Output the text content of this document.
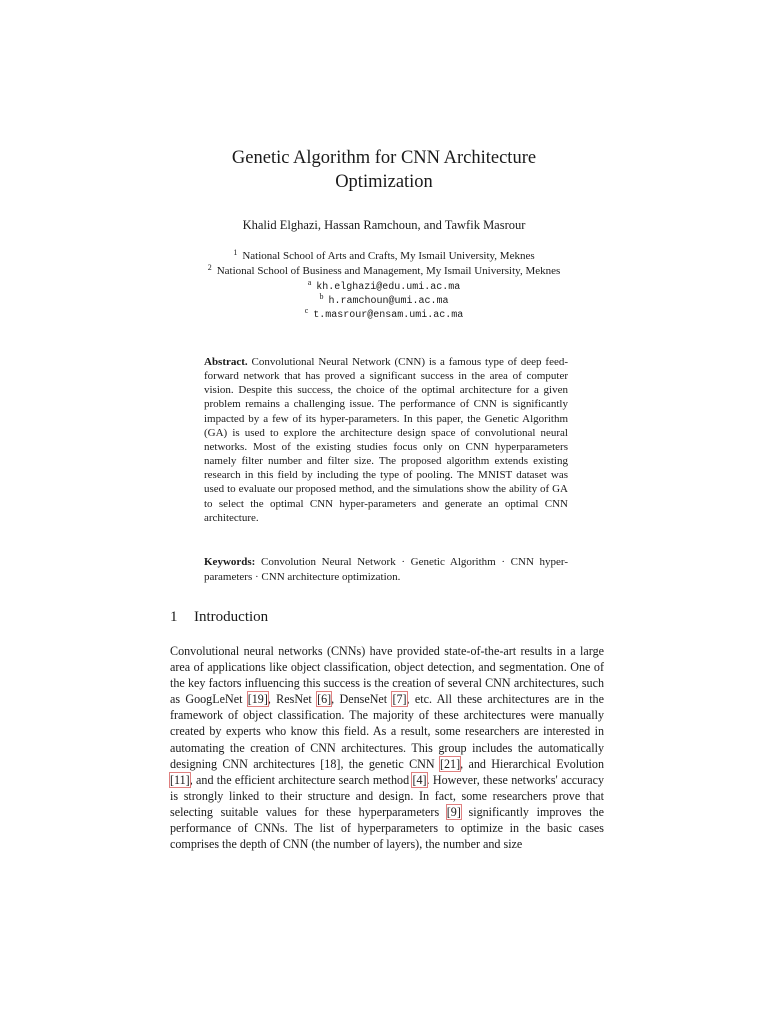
Genetic Algorithm for CNN Architecture
Optimization
Khalid Elghazi, Hassan Ramchoun, and Tawfik Masrour
$^1$ National School of Arts and Crafts, My Ismail University, Meknes
$^2$ National School of Business and Management, My Ismail University, Meknes
$^a$ kh.elghazi@edu.umi.ac.ma
$^b$ h.ramchoun@umi.ac.ma
$^c$ t.masrour@ensam.umi.ac.ma
Abstract. Convolutional Neural Network (CNN) is a famous type of deep feed-forward network that has proved a significant success in the area of computer vision. Despite this success, the choice of the optimal architecture for a given problem remains a challenging issue. The performance of CNN is significantly impacted by a few of its hyper-parameters. In this paper, the Genetic Algorithm (GA) is used to explore the architecture design space of convolutional neural networks. Most of the existing studies focus only on CNN hyperparameters namely filter number and filter size. The proposed algorithm extends existing research in this field by including the type of pooling. The MNIST dataset was used to evaluate our proposed method, and the simulations show the ability of GA to select the optimal CNN hyper-parameters and generate an optimal CNN architecture.
Keywords: Convolution Neural Network · Genetic Algorithm · CNN hyper-parameters · CNN architecture optimization.
1 Introduction
Convolutional neural networks (CNNs) have provided state-of-the-art results in a large area of applications like object classification, object detection, and segmentation. One of the key factors influencing this success is the creation of several CNN architectures, such as GoogLeNet [19], ResNet [6], DenseNet [7], etc. All these architectures are in the framework of object classification. The majority of these architectures were manually created by experts who know this field. As a result, some researchers are interested in automating the creation of CNN architectures. This group includes the automatically designing CNN architectures [18], the genetic CNN [21], and Hierarchical Evolution [11], and the efficient architecture search method [4]. However, these networks' accuracy is strongly linked to their structure and design. In fact, some researchers prove that selecting suitable values for these hyperparameters [9] significantly improves the performance of CNNs. The list of hyperparameters to optimize in the basic cases comprises the depth of CNN (the number of layers), the number and size
